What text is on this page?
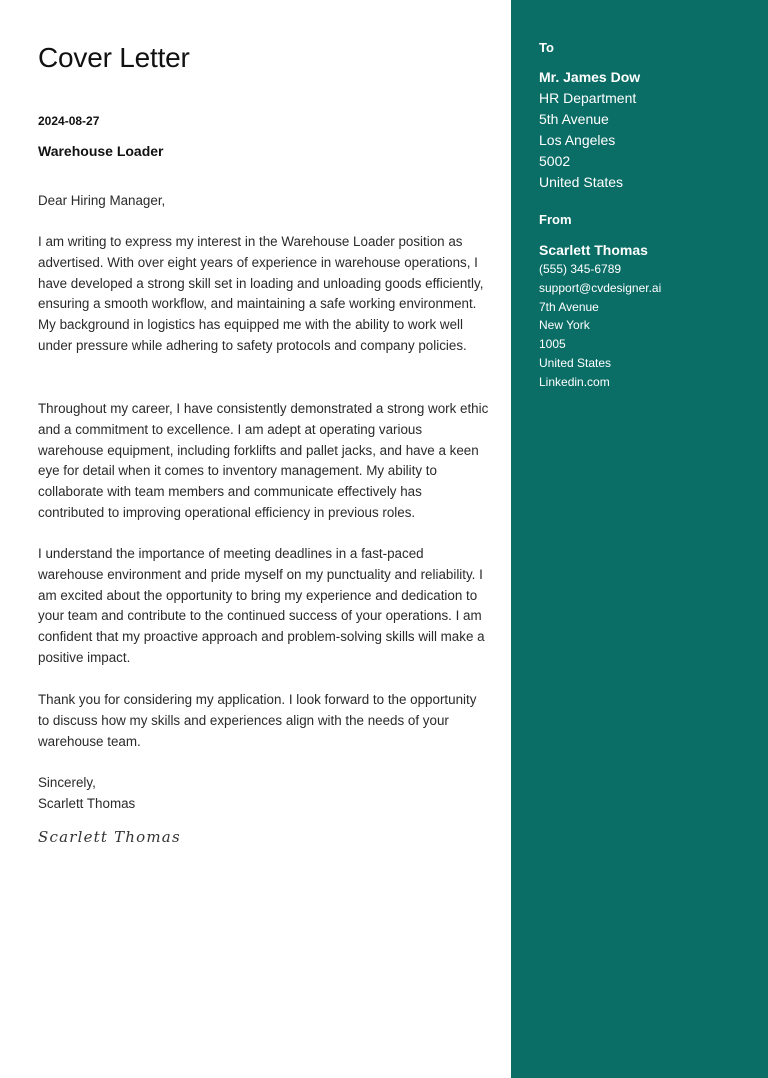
Cover Letter
2024-08-27
Warehouse Loader

Dear Hiring Manager,

I am writing to express my interest in the Warehouse Loader position as advertised. With over eight years of experience in warehouse operations, I have developed a strong skill set in loading and unloading goods efficiently, ensuring a smooth workflow, and maintaining a safe working environment. My background in logistics has equipped me with the ability to work well under pressure while adhering to safety protocols and company policies.

Throughout my career, I have consistently demonstrated a strong work ethic and a commitment to excellence. I am adept at operating various warehouse equipment, including forklifts and pallet jacks, and have a keen eye for detail when it comes to inventory management. My ability to collaborate with team members and communicate effectively has contributed to improving operational efficiency in previous roles.

I understand the importance of meeting deadlines in a fast-paced warehouse environment and pride myself on my punctuality and reliability. I am excited about the opportunity to bring my experience and dedication to your team and contribute to the continued success of your operations. I am confident that my proactive approach and problem-solving skills will make a positive impact.

Thank you for considering my application. I look forward to the opportunity to discuss how my skills and experiences align with the needs of your warehouse team.

Sincerely,

Scarlett Thomas

Scarlett Thomas
To
Mr. James Dow
HR Department
5th Avenue
Los Angeles
5002
United States
From
Scarlett Thomas
(555) 345-6789
support@cvdesigner.ai
7th Avenue
New York
1005
United States
Linkedin.com
